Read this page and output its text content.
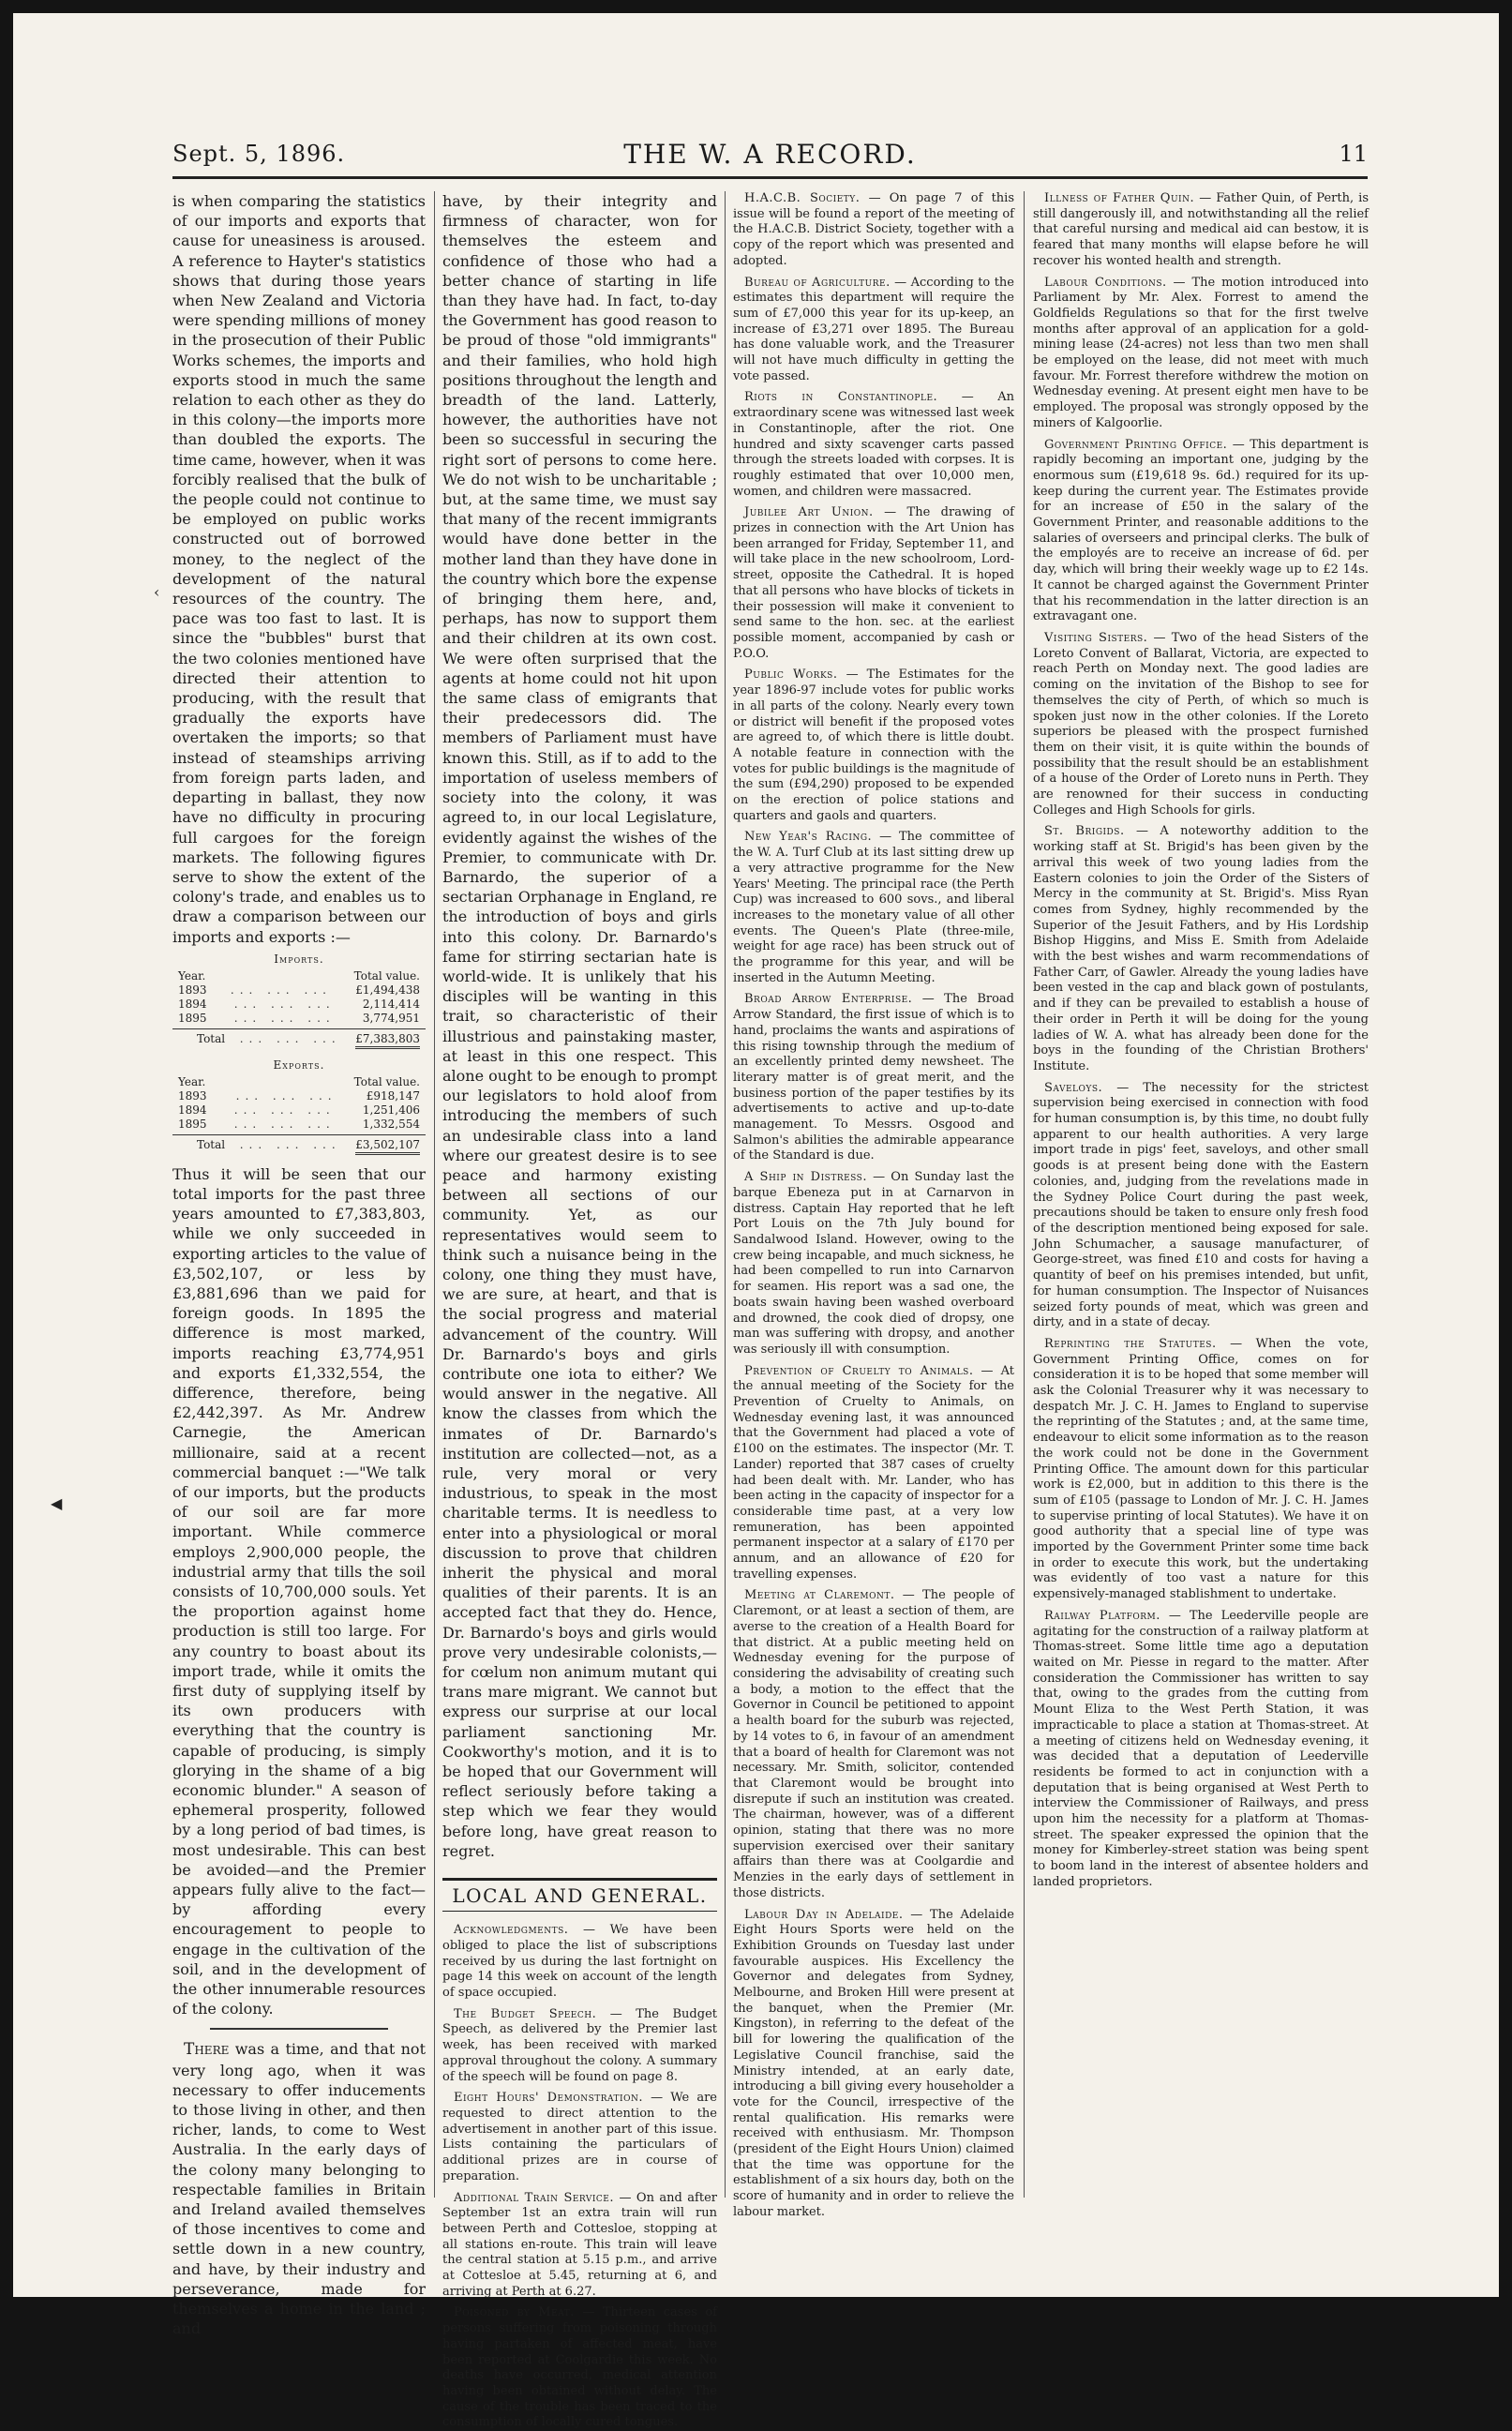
Sept. 5, 1896.	THE W. A RECORD.	11
‹
◀

is when comparing the statistics of our imports and exports that cause for uneasiness is aroused. A reference to Hayter's statistics shows that during those years when New Zealand and Victoria were spending millions of money in the prosecution of their Public Works schemes, the imports and exports stood in much the same relation to each other as they do in this colony—the imports more than doubled the exports. The time came, however, when it was forcibly realised that the bulk of the people could not continue to be employed on public works constructed out of borrowed money, to the neglect of the development of the natural resources of the country. The pace was too fast to last. It is since the "bubbles" burst that the two colonies mentioned have directed their attention to producing, with the result that gradually the exports have overtaken the imports; so that instead of steamships arriving from foreign parts laden, and departing in ballast, they now have no difficulty in procuring full cargoes for the foreign markets. The following figures serve to show the extent of the colony's trade, and enables us to draw a comparison between our imports and exports :—

Imports.
Year.	Total value.
1893	... ... ...	£1,494,438
1894	... ... ...	2,114,414
1895	... ... ...	3,774,951
Total	... ... ...	£7,383,803
Exports.
Year.	Total value.
1893	... ... ...	£918,147
1894	... ... ...	1,251,406
1895	... ... ...	1,332,554
Total	... ... ...	£3,502,107

Thus it will be seen that our total imports for the past three years amounted to £7,383,803, while we only succeeded in exporting articles to the value of £3,502,107, or less by £3,881,696 than we paid for foreign goods. In 1895 the difference is most marked, imports reaching £3,774,951 and exports £1,332,554, the difference, therefore, being £2,442,397. As Mr. Andrew Carnegie, the American millionaire, said at a recent commercial banquet :—"We talk of our imports, but the products of our soil are far more important. While commerce employs 2,900,000 people, the industrial army that tills the soil consists of 10,700,000 souls. Yet the proportion against home production is still too large. For any country to boast about its import trade, while it omits the first duty of supplying itself by its own producers with everything that the country is capable of producing, is simply glorying in the shame of a big economic blunder." A season of ephemeral prosperity, followed by a long period of bad times, is most undesirable. This can best be avoided—and the Premier appears fully alive to the fact—by affording every encouragement to people to engage in the cultivation of the soil, and in the development of the other innumerable resources of the colony.

There was a time, and that not very long ago, when it was necessary to offer inducements to those living in other, and then richer, lands, to come to West Australia. In the early days of the colony many belonging to respectable families in Britain and Ireland availed themselves of those incentives to come and settle down in a new country, and have, by their industry and perseverance, made for themselves a home in the land ; and

have, by their integrity and firmness of character, won for themselves the esteem and confidence of those who had a better chance of starting in life than they have had. In fact, to-day the Government has good reason to be proud of those "old immigrants" and their families, who hold high positions throughout the length and breadth of the land. Latterly, however, the authorities have not been so successful in securing the right sort of persons to come here. We do not wish to be uncharitable ; but, at the same time, we must say that many of the recent immigrants would have done better in the mother land than they have done in the country which bore the expense of bringing them here, and, perhaps, has now to support them and their children at its own cost. We were often surprised that the agents at home could not hit upon the same class of emigrants that their predecessors did. The members of Parliament must have known this. Still, as if to add to the importation of useless members of society into the colony, it was agreed to, in our local Legislature, evidently against the wishes of the Premier, to communicate with Dr. Barnardo, the superior of a sectarian Orphanage in England, re the introduction of boys and girls into this colony. Dr. Barnardo's fame for stirring sectarian hate is world-wide. It is unlikely that his disciples will be wanting in this trait, so characteristic of their illustrious and painstaking master, at least in this one respect. This alone ought to be enough to prompt our legislators to hold aloof from introducing the members of such an undesirable class into a land where our greatest desire is to see peace and harmony existing between all sections of our community. Yet, as our representatives would seem to think such a nuisance being in the colony, one thing they must have, we are sure, at heart, and that is the social progress and material advancement of the country. Will Dr. Barnardo's boys and girls contribute one iota to either? We would answer in the negative. All know the classes from which the inmates of Dr. Barnardo's institution are collected—not, as a rule, very moral or very industrious, to speak in the most charitable terms. It is needless to enter into a physiological or moral discussion to prove that children inherit the physical and moral qualities of their parents. It is an accepted fact that they do. Hence, Dr. Barnardo's boys and girls would prove very undesirable colonists,—for cœlum non animum mutant qui trans mare migrant. We cannot but express our surprise at our local parliament sanctioning Mr. Cookworthy's motion, and it is to be hoped that our Government will reflect seriously before taking a step which we fear they would before long, have great reason to regret.

LOCAL AND GENERAL.

Acknowledgments. — We have been obliged to place the list of subscriptions received by us during the last fortnight on page 14 this week on account of the length of space occupied.

The Budget Speech. — The Budget Speech, as delivered by the Premier last week, has been received with marked approval throughout the colony. A summary of the speech will be found on page 8.

Eight Hours' Demonstration. — We are requested to direct attention to the advertisement in another part of this issue. Lists containing the particulars of additional prizes are in course of preparation.

Additional Train Service. — On and after September 1st an extra train will run between Perth and Cottesloe, stopping at all stations en-route. This train will leave the central station at 5.15 p.m., and arrive at Cottesloe at 5.45, returning at 6, and arriving at Perth at 6.27.

Poisoned by Meat. — Thirteen cases of persons suffering from poisoning through having partaken of affected meat, have been reported at Coolgardie this week. No deaths have occurred, medical attention having been obtained without delay. The cause of the trouble has been traced to the consumption of locally cured tongues.

H.A.C.B. Society. — On page 7 of this issue will be found a report of the meeting of the H.A.C.B. District Society, together with a copy of the report which was presented and adopted.

Bureau of Agriculture. — According to the estimates this department will require the sum of £7,000 this year for its up-keep, an increase of £3,271 over 1895. The Bureau has done valuable work, and the Treasurer will not have much difficulty in getting the vote passed.

Riots in Constantinople. — An extraordinary scene was witnessed last week in Constantinople, after the riot. One hundred and sixty scavenger carts passed through the streets loaded with corpses. It is roughly estimated that over 10,000 men, women, and children were massacred.

Jubilee Art Union. — The drawing of prizes in connection with the Art Union has been arranged for Friday, September 11, and will take place in the new schoolroom, Lord-street, opposite the Cathedral. It is hoped that all persons who have blocks of tickets in their possession will make it convenient to send same to the hon. sec. at the earliest possible moment, accompanied by cash or P.O.O.

Public Works. — The Estimates for the year 1896-97 include votes for public works in all parts of the colony. Nearly every town or district will benefit if the proposed votes are agreed to, of which there is little doubt. A notable feature in connection with the votes for public buildings is the magnitude of the sum (£94,290) proposed to be expended on the erection of police stations and quarters and gaols and quarters.

New Year's Racing. — The committee of the W. A. Turf Club at its last sitting drew up a very attractive programme for the New Years' Meeting. The principal race (the Perth Cup) was increased to 600 sovs., and liberal increases to the monetary value of all other events. The Queen's Plate (three-mile, weight for age race) has been struck out of the programme for this year, and will be inserted in the Autumn Meeting.

Broad Arrow Enterprise. — The Broad Arrow Standard, the first issue of which is to hand, proclaims the wants and aspirations of this rising township through the medium of an excellently printed demy newsheet. The literary matter is of great merit, and the business portion of the paper testifies by its advertisements to active and up-to-date management. To Messrs. Osgood and Salmon's abilities the admirable appearance of the Standard is due.

A Ship in Distress. — On Sunday last the barque Ebeneza put in at Carnarvon in distress. Captain Hay reported that he left Port Louis on the 7th July bound for Sandalwood Island. However, owing to the crew being incapable, and much sickness, he had been compelled to run into Carnarvon for seamen. His report was a sad one, the boats swain having been washed overboard and drowned, the cook died of dropsy, one man was suffering with dropsy, and another was seriously ill with consumption.

Prevention of Cruelty to Animals. — At the annual meeting of the Society for the Prevention of Cruelty to Animals, on Wednesday evening last, it was announced that the Government had placed a vote of £100 on the estimates. The inspector (Mr. T. Lander) reported that 387 cases of cruelty had been dealt with. Mr. Lander, who has been acting in the capacity of inspector for a considerable time past, at a very low remuneration, has been appointed permanent inspector at a salary of £170 per annum, and an allowance of £20 for travelling expenses.

Meeting at Claremont. — The people of Claremont, or at least a section of them, are averse to the creation of a Health Board for that district. At a public meeting held on Wednesday evening for the purpose of considering the advisability of creating such a body, a motion to the effect that the Governor in Council be petitioned to appoint a health board for the suburb was rejected, by 14 votes to 6, in favour of an amendment that a board of health for Claremont was not necessary. Mr. Smith, solicitor, contended that Claremont would be brought into disrepute if such an institution was created. The chairman, however, was of a different opinion, stating that there was no more supervision exercised over their sanitary affairs than there was at Coolgardie and Menzies in the early days of settlement in those districts.

Labour Day in Adelaide. — The Adelaide Eight Hours Sports were held on the Exhibition Grounds on Tuesday last under favourable auspices. His Excellency the Governor and delegates from Sydney, Melbourne, and Broken Hill were present at the banquet, when the Premier (Mr. Kingston), in referring to the defeat of the bill for lowering the qualification of the Legislative Council franchise, said the Ministry intended, at an early date, introducing a bill giving every householder a vote for the Council, irrespective of the rental qualification. His remarks were received with enthusiasm. Mr. Thompson (president of the Eight Hours Union) claimed that the time was opportune for the establishment of a six hours day, both on the score of humanity and in order to relieve the labour market.

Illness of Father Quin. — Father Quin, of Perth, is still dangerously ill, and notwithstanding all the relief that careful nursing and medical aid can bestow, it is feared that many months will elapse before he will recover his wonted health and strength.

Labour Conditions. — The motion introduced into Parliament by Mr. Alex. Forrest to amend the Goldfields Regulations so that for the first twelve months after approval of an application for a gold-mining lease (24-acres) not less than two men shall be employed on the lease, did not meet with much favour. Mr. Forrest therefore withdrew the motion on Wednesday evening. At present eight men have to be employed. The proposal was strongly opposed by the miners of Kalgoorlie.

Government Printing Office. — This department is rapidly becoming an important one, judging by the enormous sum (£19,618 9s. 6d.) required for its up-keep during the current year. The Estimates provide for an increase of £50 in the salary of the Government Printer, and reasonable additions to the salaries of overseers and principal clerks. The bulk of the employés are to receive an increase of 6d. per day, which will bring their weekly wage up to £2 14s. It cannot be charged against the Government Printer that his recommendation in the latter direction is an extravagant one.

Visiting Sisters. — Two of the head Sisters of the Loreto Convent of Ballarat, Victoria, are expected to reach Perth on Monday next. The good ladies are coming on the invitation of the Bishop to see for themselves the city of Perth, of which so much is spoken just now in the other colonies. If the Loreto superiors be pleased with the prospect furnished them on their visit, it is quite within the bounds of possibility that the result should be an establishment of a house of the Order of Loreto nuns in Perth. They are renowned for their success in conducting Colleges and High Schools for girls.

St. Brigids. — A noteworthy addition to the working staff at St. Brigid's has been given by the arrival this week of two young ladies from the Eastern colonies to join the Order of the Sisters of Mercy in the community at St. Brigid's. Miss Ryan comes from Sydney, highly recommended by the Superior of the Jesuit Fathers, and by His Lordship Bishop Higgins, and Miss E. Smith from Adelaide with the best wishes and warm recommendations of Father Carr, of Gawler. Already the young ladies have been vested in the cap and black gown of postulants, and if they can be prevailed to establish a house of their order in Perth it will be doing for the young ladies of W. A. what has already been done for the boys in the founding of the Christian Brothers' Institute.

Saveloys. — The necessity for the strictest supervision being exercised in connection with food for human consumption is, by this time, no doubt fully apparent to our health authorities. A very large import trade in pigs' feet, saveloys, and other small goods is at present being done with the Eastern colonies, and, judging from the revelations made in the Sydney Police Court during the past week, precautions should be taken to ensure only fresh food of the description mentioned being exposed for sale. John Schumacher, a sausage manufacturer, of George-street, was fined £10 and costs for having a quantity of beef on his premises intended, but unfit, for human consumption. The Inspector of Nuisances seized forty pounds of meat, which was green and dirty, and in a state of decay.

Reprinting the Statutes. — When the vote, Government Printing Office, comes on for consideration it is to be hoped that some member will ask the Colonial Treasurer why it was necessary to despatch Mr. J. C. H. James to England to supervise the reprinting of the Statutes ; and, at the same time, endeavour to elicit some information as to the reason the work could not be done in the Government Printing Office. The amount down for this particular work is £2,000, but in addition to this there is the sum of £105 (passage to London of Mr. J. C. H. James to supervise printing of local Statutes). We have it on good authority that a special line of type was imported by the Government Printer some time back in order to execute this work, but the undertaking was evidently of too vast a nature for this expensively-managed stablishment to undertake.

Railway Platform. — The Leederville people are agitating for the construction of a railway platform at Thomas-street. Some little time ago a deputation waited on Mr. Piesse in regard to the matter. After consideration the Commissioner has written to say that, owing to the grades from the cutting from Mount Eliza to the West Perth Station, it was impracticable to place a station at Thomas-street. At a meeting of citizens held on Wednesday evening, it was decided that a deputation of Leederville residents be formed to act in conjunction with a deputation that is being organised at West Perth to interview the Commissioner of Railways, and press upon him the necessity for a platform at Thomas-street. The speaker expressed the opinion that the money for Kimberley-street station was being spent to boom land in the interest of absentee holders and landed proprietors.
